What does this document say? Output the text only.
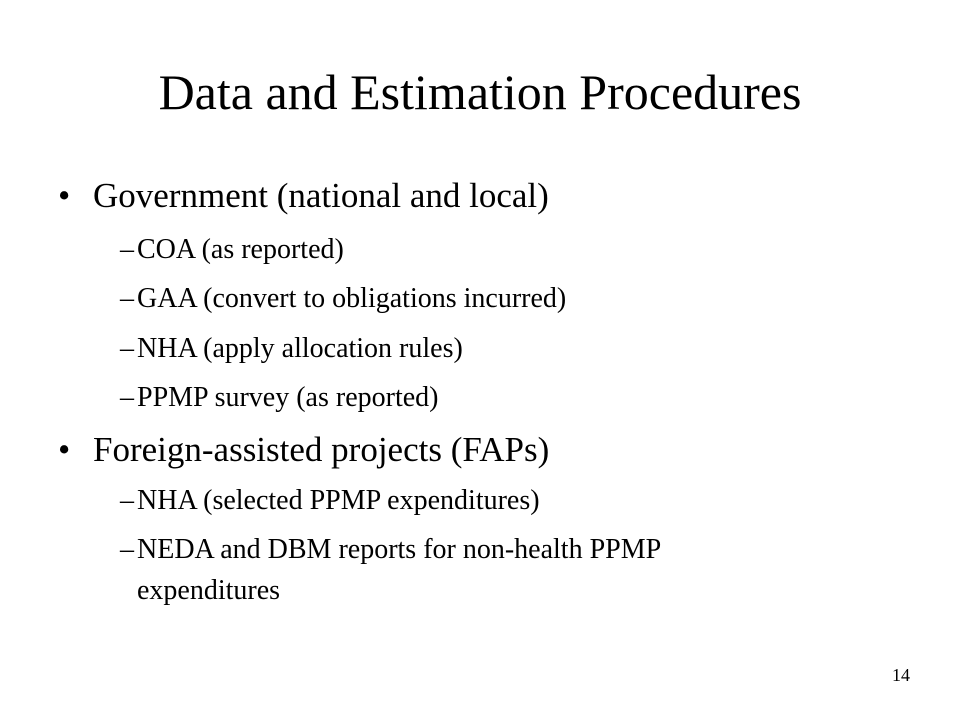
Data and Estimation Procedures
• Government (national and local)
– COA (as reported)
– GAA (convert to obligations incurred)
– NHA (apply allocation rules)
– PPMP survey (as reported)
• Foreign-assisted projects (FAPs)
– NHA (selected PPMP expenditures)
– NEDA and DBM reports for non-health PPMP
expenditures
14
